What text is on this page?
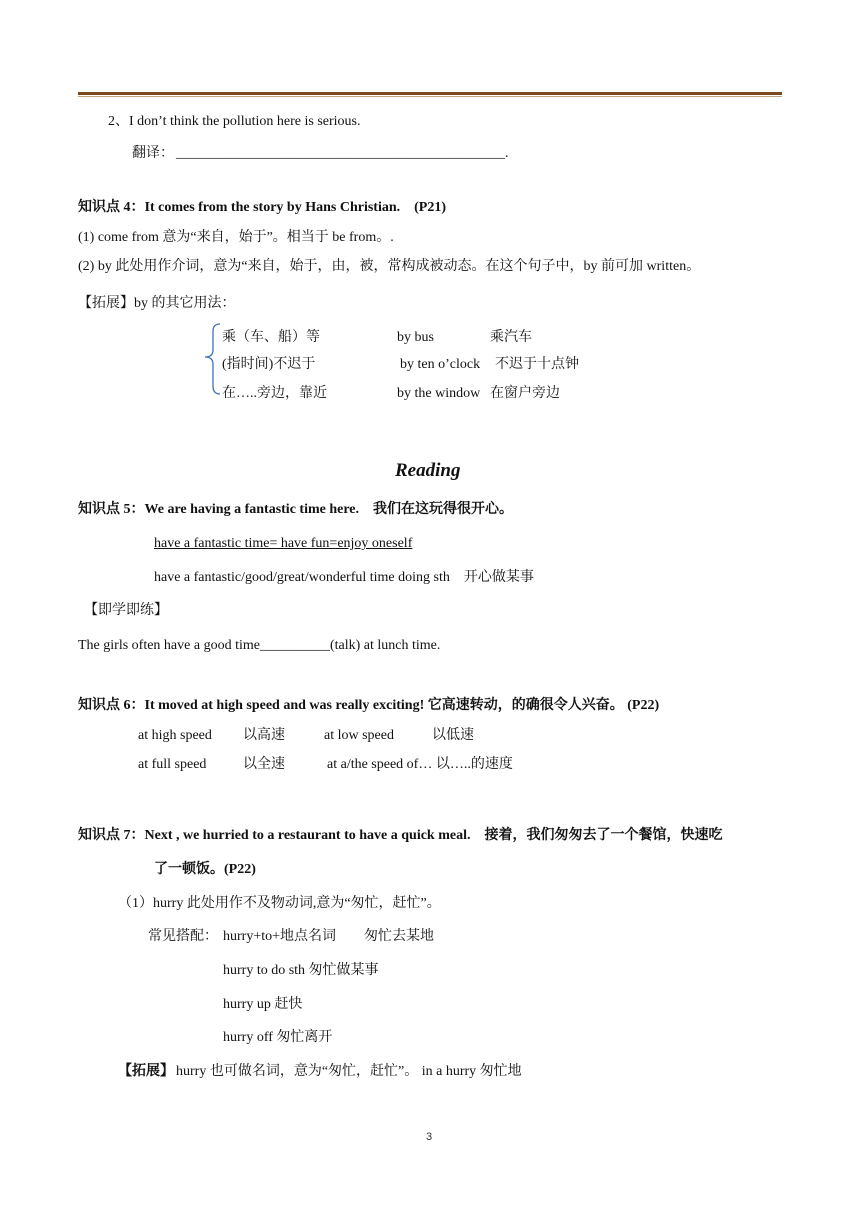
2、I don’t think the pollution here is serious.
翻译： _______________________________________________.
知识点 4：It comes from the story by Hans Christian.　(P21)
(1) come from 意为“来自，始于”。相当于 be from。.
(2) by 此处用作介词，意为“来自，始于，由，被，常构成被动态。在这个句子中，by 前可加 written。
【拓展】by 的其它用法：
乘（车、船）等	by bus	乘汽车
(指时间)不迟于	by ten o’clock 不迟于十点钟
在…..旁边，靠近	by the window 在窗户旁边
Reading
知识点 5：We are having a fantastic time here.　我们在这玩得很开心。
have a fantastic time= have fun=enjoy oneself
have a fantastic/good/great/wonderful time doing sth　开心做某事
【即学即练】
The girls often have a good time__________(talk) at lunch time.
知识点 6：It moved at high speed and was really exciting! 它高速转动，的确很令人兴奋。 (P22)
at high speed 以高速	at low speed	以低速
at full speed	以全速	at a/the speed of… 以…..的速度
知识点 7：Next , we hurried to a restaurant to have a quick meal.　接着，我们匆匆去了一个餐馆，快速吃
了一顿饭。(P22)
（1）hurry 此处用作不及物动词,意为“匆忙，赶忙”。
常见搭配： hurry+to+地点名词　　匆忙去某地
hurry to do sth 匆忙做某事
hurry up 赶快
hurry off 匆忙离开
【拓展】 hurry 也可做名词，意为“匆忙，赶忙”。 in a hurry 匆忙地
3
